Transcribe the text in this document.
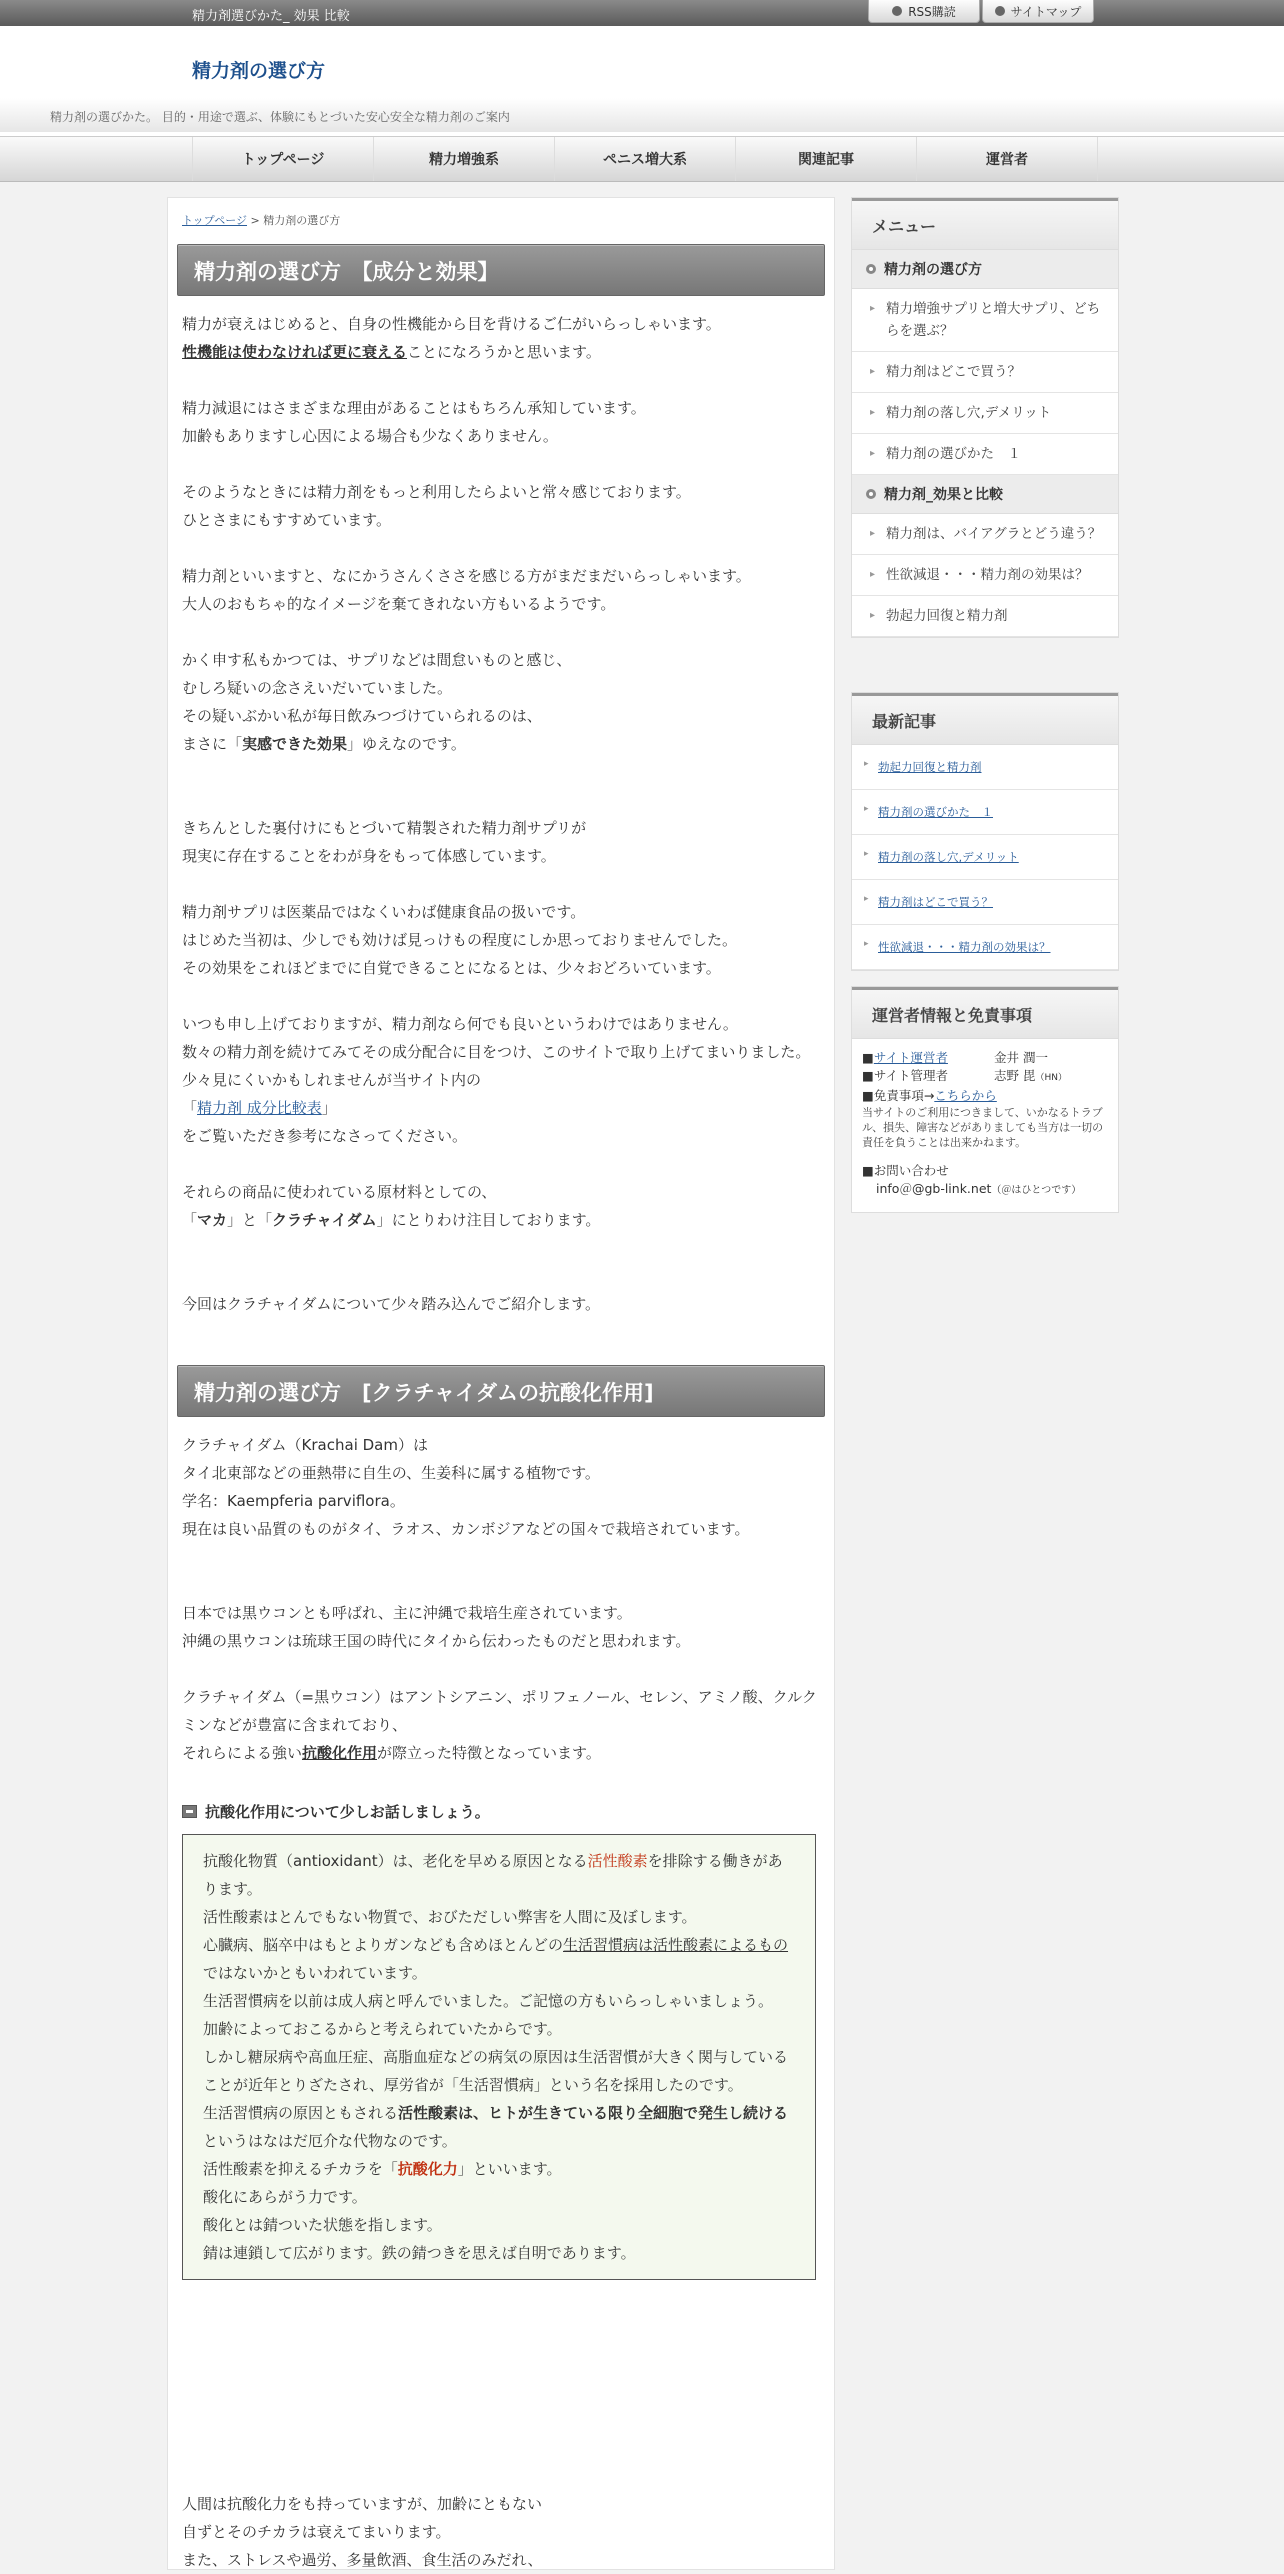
精力剤選びかた_ 効果 比較	RSS購読	サイトマップ
精力剤の選び方
精力剤の選びかた。 目的・用途で選ぶ、体験にもとづいた安心安全な精力剤のご案内
トップページ	精力増強系	ペニス増大系	関連記事	運営者
トップページ > 精力剤の選び方
精力剤の選び方　【成分と効果】

精力が衰えはじめると、自身の性機能から目を背けるご仁がいらっしゃいます。

性機能は使わなければ更に衰えることになろうかと思います。

精力減退にはさまざまな理由があることはもちろん承知しています。

加齢もありますし心因による場合も少なくありません。

そのようなときには精力剤をもっと利用したらよいと常々感じております。

ひとさまにもすすめています。

精力剤といいますと、なにかうさんくささを感じる方がまだまだいらっしゃいます。

大人のおもちゃ的なイメージを棄てきれない方もいるようです。

かく申す私もかつては、サプリなどは間怠いものと感じ、

むしろ疑いの念さえいだいていました。

その疑いぶかい私が毎日飲みつづけていられるのは、

まさに「実感できた効果」ゆえなのです。

きちんとした裏付けにもとづいて精製された精力剤サプリが

現実に存在することをわが身をもって体感しています。

精力剤サプリは医薬品ではなくいわば健康食品の扱いです。

はじめた当初は、少しでも効けば見っけもの程度にしか思っておりませんでした。

その効果をこれほどまでに自覚できることになるとは、少々おどろいています。

いつも申し上げておりますが、精力剤なら何でも良いというわけではありません。

数々の精力剤を続けてみてその成分配合に目をつけ、このサイトで取り上げてまいりました。

少々見にくいかもしれませんが当サイト内の

「精力剤 成分比較表」

をご覧いただき参考になさってください。

それらの商品に使われている原材料としての、

「マカ」と「クラチャイダム」にとりわけ注目しております。

今回はクラチャイダムについて少々踏み込んでご紹介します。

精力剤の選び方　[クラチャイダムの抗酸化作用]

クラチャイダム（Krachai Dam）は

タイ北東部などの亜熱帯に自生の、生姜科に属する植物です。

学名：Kaempferia parviflora。

現在は良い品質のものがタイ、ラオス、カンボジアなどの国々で栽培されています。

日本では黒ウコンとも呼ばれ、主に沖縄で栽培生産されています。

沖縄の黒ウコンは琉球王国の時代にタイから伝わったものだと思われます。

クラチャイダム（=黒ウコン）はアントシアニン、ポリフェノール、セレン、アミノ酸、クルクミンなどが豊富に含まれており、

それらによる強い抗酸化作用が際立った特徴となっています。

抗酸化作用について少しお話しましょう。

抗酸化物質（antioxidant）は、老化を早める原因となる活性酸素を排除する働きがあります。

活性酸素はとんでもない物質で、おびただしい弊害を人間に及ぼします。

心臓病、脳卒中はもとよりガンなども含めほとんどの生活習慣病は活性酸素によるものではないかともいわれています。

生活習慣病を以前は成人病と呼んでいました。ご記憶の方もいらっしゃいましょう。

加齢によっておこるからと考えられていたからです。

しかし糖尿病や高血圧症、高脂血症などの病気の原因は生活習慣が大きく関与していることが近年とりざたされ、厚労省が「生活習慣病」という名を採用したのです。

生活習慣病の原因ともされる活性酸素は、ヒトが生きている限り全細胞で発生し続けるというはなはだ厄介な代物なのです。

活性酸素を抑えるチカラを「抗酸化力」といいます。

酸化にあらがう力です。

酸化とは錆ついた状態を指します。

錆は連鎖して広がります。鉄の錆つきを思えば自明であります。

人間は抗酸化力をも持っていますが、加齢にともない

自ずとそのチカラは衰えてまいります。

また、ストレスや過労、多量飲酒、食生活のみだれ、

メニュー
精力剤の選び方
▸ 精力増強サプリと増大サプリ、どちらを選ぶ？
▸ 精力剤はどこで買う？
▸ 精力剤の落し穴,デメリット
▸ 精力剤の選びかた　１
精力剤_効果と比較
▸ 精力剤は、バイアグラとどう違う？
▸ 性欲減退・・・精力剤の効果は？
▸ 勃起力回復と精力剤
最新記事
▸ 勃起力回復と精力剤
▸ 精力剤の選びかた　１
▸ 精力剤の落し穴,デメリット
▸ 精力剤はどこで買う？
▸ 性欲減退・・・精力剤の効果は？
運営者情報と免責事項
■サイト運営者	金井 潤一
■サイト管理者	志野 毘（HN）
■免責事項→こちらから
当サイトのご利用につきまして、いかなるトラブル、損失、障害などがありましても当方は一切の責任を負うことは出来かねます。
■お問い合わせ
info＠@gb-link.net（＠はひとつです）
